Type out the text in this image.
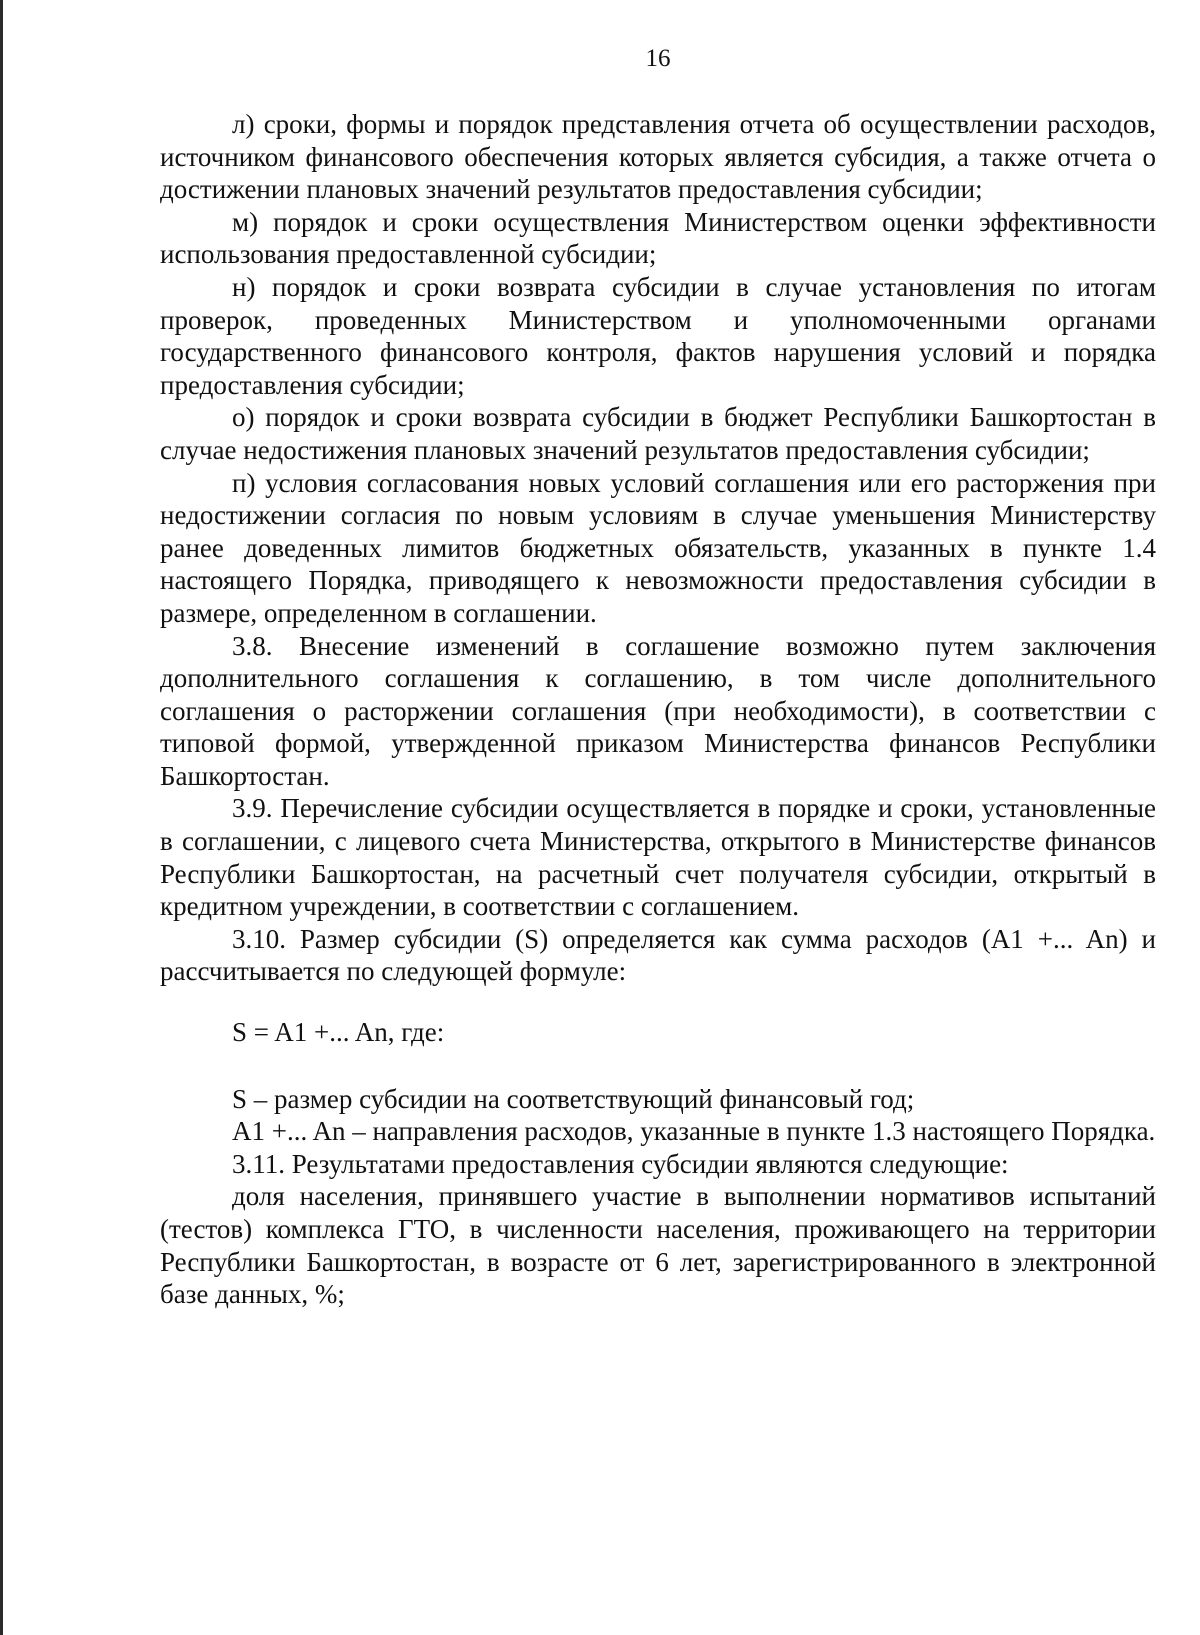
16

л) сроки, формы и порядок представления отчета об осуществлении расходов, источником финансового обеспечения которых является субсидия, а также отчета о достижении плановых значений результатов предоставления субсидии;

м) порядок и сроки осуществления Министерством оценки эффективности использования предоставленной субсидии;

н) порядок и сроки возврата субсидии в случае установления по итогам проверок, проведенных Министерством и уполномоченными органами государственного финансового контроля, фактов нарушения условий и порядка предоставления субсидии;

о) порядок и сроки возврата субсидии в бюджет Республики Башкортостан в случае недостижения плановых значений результатов предоставления субсидии;

п) условия согласования новых условий соглашения или его расторжения при недостижении согласия по новым условиям в случае уменьшения Министерству ранее доведенных лимитов бюджетных обязательств, указанных в пункте 1.4 настоящего Порядка, приводящего к невозможности предоставления субсидии в размере, определенном в соглашении.

3.8. Внесение изменений в соглашение возможно путем заключения дополнительного соглашения к соглашению, в том числе дополнительного соглашения о расторжении соглашения (при необходимости), в соответствии с типовой формой, утвержденной приказом Министерства финансов Республики Башкортостан.

3.9. Перечисление субсидии осуществляется в порядке и сроки, установленные в соглашении, с лицевого счета Министерства, открытого в Министерстве финансов Республики Башкортостан, на расчетный счет получателя субсидии, открытый в кредитном учреждении, в соответствии с соглашением.

3.10. Размер субсидии (S) определяется как сумма расходов (A1 +... An) и рассчитывается по следующей формуле:

S = A1 +... An, где:

S – размер субсидии на соответствующий финансовый год;

A1 +... An – направления расходов, указанные в пункте 1.3 настоящего Порядка.

3.11. Результатами предоставления субсидии являются следующие:

доля населения, принявшего участие в выполнении нормативов испытаний (тестов) комплекса ГТО, в численности населения, проживающего на территории Республики Башкортостан, в возрасте от 6 лет, зарегистрированного в электронной базе данных, %;
